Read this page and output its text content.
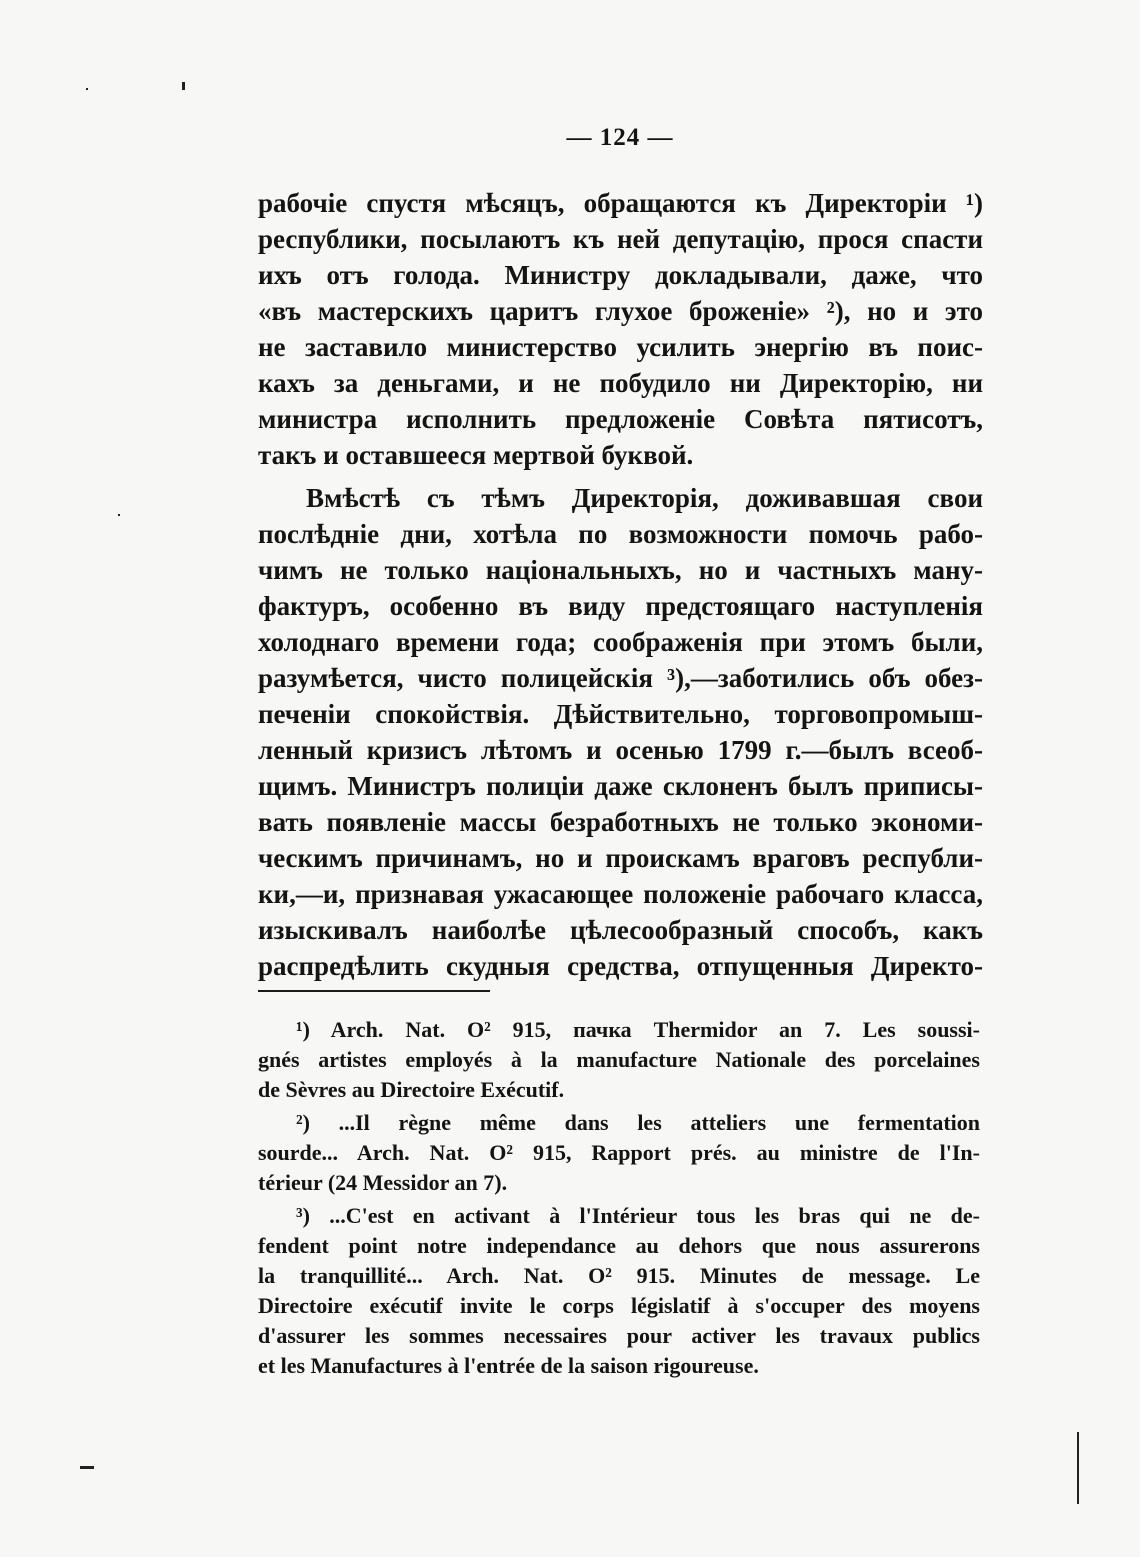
— 124 —
рабочіе спустя мѣсяцъ, обращаются къ Директоріи ¹)
республики, посылаютъ къ ней депутацію, прося спасти
ихъ отъ голода. Министру докладывали, даже, что
«въ мастерскихъ царитъ глухое броженіе» ²), но и это
не заставило министерство усилить энергію въ поис-
кахъ за деньгами, и не побудило ни Директорію, ни
министра исполнить предложеніе Совѣта пятисотъ,
такъ и оставшееся мертвой буквой.
Вмѣстѣ съ тѣмъ Директорія, доживавшая свои
послѣдніе дни, хотѣла по возможности помочь рабо-
чимъ не только національныхъ, но и частныхъ ману-
фактуръ, особенно въ виду предстоящаго наступленія
холоднаго времени года; соображенія при этомъ были,
разумѣется, чисто полицейскія ³),—заботились объ обез-
печеніи спокойствія. Дѣйствительно, торговопромыш-
ленный кризисъ лѣтомъ и осенью 1799 г.—былъ всеоб-
щимъ. Министръ полиціи даже склоненъ былъ приписы-
вать появленіе массы безработныхъ не только экономи-
ческимъ причинамъ, но и проискамъ враговъ республи-
ки,—и, признавая ужасающее положеніе рабочаго класса,
изыскивалъ наиболѣе цѣлесообразный способъ, какъ
распредѣлить скудныя средства, отпущенныя Директо-
¹) Arch. Nat. O² 915, пачка Thermidor an 7. Les soussi-
gnés artistes employés à la manufacture Nationale des porcelaines
de Sèvres au Directoire Exécutif.
²) ...Il règne même dans les atteliers une fermentation
sourde... Arch. Nat. O² 915, Rapport prés. au ministre de l'In-
térieur (24 Messidor an 7).
³) ...C'est en activant à l'Intérieur tous les bras qui ne de-
fendent point notre independance au dehors que nous assurerons
la tranquillité... Arch. Nat. O² 915. Minutes de message. Le
Directoire exécutif invite le corps législatif à s'occuper des moyens
d'assurer les sommes necessaires pour activer les travaux publics
et les Manufactures à l'entrée de la saison rigoureuse.
